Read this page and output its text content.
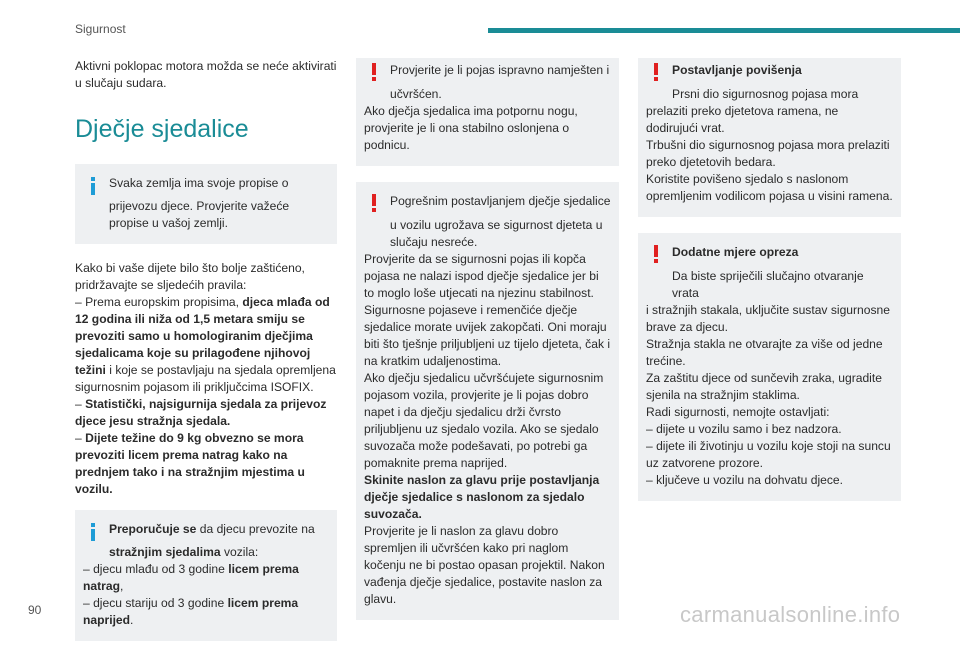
Sigurnost

Aktivni poklopac motora možda se neće aktivirati u slučaju sudara.

Dječje sjedalice
Svaka zemlja ima svoje propise o

prijevozu djece. Provjerite važeće propise u vašoj zemlji.

Kako bi vaše dijete bilo što bolje zaštićeno, pridržavajte se sljedećih pravila:

– Prema europskim propisima, djeca mlađa od 12 godina ili niža od 1,5 metara smiju se prevoziti samo u homologiranim dječjima sjedalicama koje su prilagođene njihovoj težini i koje se postavljaju na sjedala opremljena sigurnosnim pojasom ili priključcima ISOFIX.

– Statistički, najsigurnija sjedala za prijevoz djece jesu stražnja sjedala.

– Dijete težine do 9 kg obvezno se mora prevoziti licem prema natrag kako na prednjem tako i na stražnjim mjestima u vozilu.

Preporučuje se da djecu prevozite na

stražnjim sjedalima vozila:

– djecu mlađu od 3 godine licem prema natrag,

– djecu stariju od 3 godine licem prema naprijed.

Provjerite je li pojas ispravno namješten i

učvršćen.

Ako dječja sjedalica ima potpornu nogu, provjerite je li ona stabilno oslonjena o podnicu.

Pogrešnim postavljanjem dječje sjedalice

u vozilu ugrožava se sigurnost djeteta u slučaju nesreće.

Provjerite da se sigurnosni pojas ili kopča pojasa ne nalazi ispod dječje sjedalice jer bi to moglo loše utjecati na njezinu stabilnost.

Sigurnosne pojaseve i remenčiće dječje sjedalice morate uvijek zakopčati. Oni moraju biti što tješnje priljubljeni uz tijelo djeteta, čak i na kratkim udaljenostima.

Ako dječju sjedalicu učvršćujete sigurnosnim pojasom vozila, provjerite je li pojas dobro napet i da dječju sjedalicu drži čvrsto priljubljenu uz sjedalo vozila. Ako se sjedalo suvozača može podešavati, po potrebi ga pomaknite prema naprijed.

Skinite naslon za glavu prije postavljanja dječje sjedalice s naslonom za sjedalo suvozača.

Provjerite je li naslon za glavu dobro spremljen ili učvršćen kako pri naglom kočenju ne bi postao opasan projektil. Nakon vađenja dječje sjedalice, postavite naslon za glavu.

Postavljanje povišenja

Prsni dio sigurnosnog pojasa mora

prelaziti preko djetetova ramena, ne dodirujući vrat.

Trbušni dio sigurnosnog pojasa mora prelaziti preko djetetovih bedara.

Koristite povišeno sjedalo s naslonom opremljenim vodilicom pojasa u visini ramena.

Dodatne mjere opreza

Da biste spriječili slučajno otvaranje vrata

i stražnjih stakala, uključite sustav sigurnosne brave za djecu.

Stražnja stakla ne otvarajte za više od jedne trećine.

Za zaštitu djece od sunčevih zraka, ugradite sjenila na stražnjim staklima.

Radi sigurnosti, nemojte ostavljati:

– dijete u vozilu samo i bez nadzora.

– dijete ili životinju u vozilu koje stoji na suncu uz zatvorene prozore.

– ključeve u vozilu na dohvatu djece.

90	carmanualsonline.info
